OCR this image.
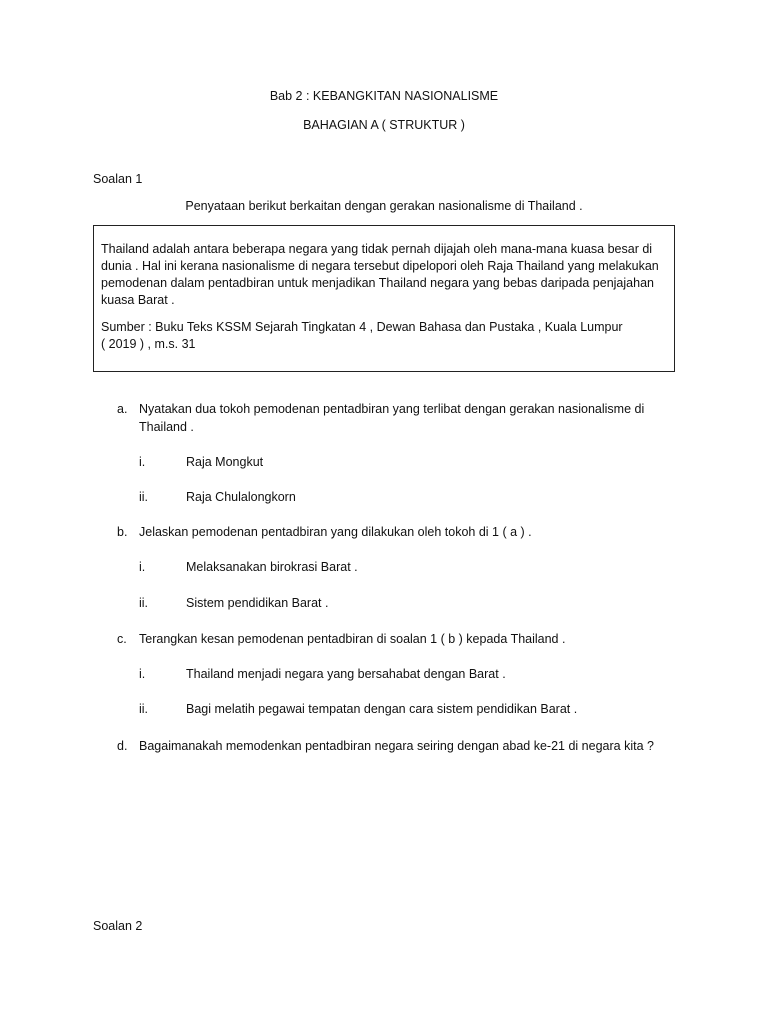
Bab 2 : KEBANGKITAN NASIONALISME
BAHAGIAN A ( STRUKTUR )
Soalan 1
Penyataan berikut berkaitan dengan gerakan nasionalisme di Thailand .

Thailand adalah antara beberapa negara yang tidak pernah dijajah oleh mana-mana kuasa besar di dunia . Hal ini kerana nasionalisme di negara tersebut dipelopori oleh Raja Thailand yang melakukan pemodenan dalam pentadbiran untuk menjadikan Thailand negara yang bebas daripada penjajahan kuasa Barat .

Sumber : Buku Teks KSSM Sejarah Tingkatan 4 , Dewan Bahasa dan Pustaka , Kuala Lumpur

( 2019 ) , m.s. 31

a. Nyatakan dua tokoh pemodenan pentadbiran yang terlibat dengan gerakan nasionalisme di Thailand .
i.	Raja Mongkut
ii.	Raja Chulalongkorn
b. Jelaskan pemodenan pentadbiran yang dilakukan oleh tokoh di 1 ( a ) .
i.	Melaksanakan birokrasi Barat .
ii.	Sistem pendidikan Barat .
c. Terangkan kesan pemodenan pentadbiran di soalan 1 ( b ) kepada Thailand .
i.	Thailand menjadi negara yang bersahabat dengan Barat .
ii.	Bagi melatih pegawai tempatan dengan cara sistem pendidikan Barat .
d. Bagaimanakah memodenkan pentadbiran negara seiring dengan abad ke-21 di negara kita ?
Soalan 2
